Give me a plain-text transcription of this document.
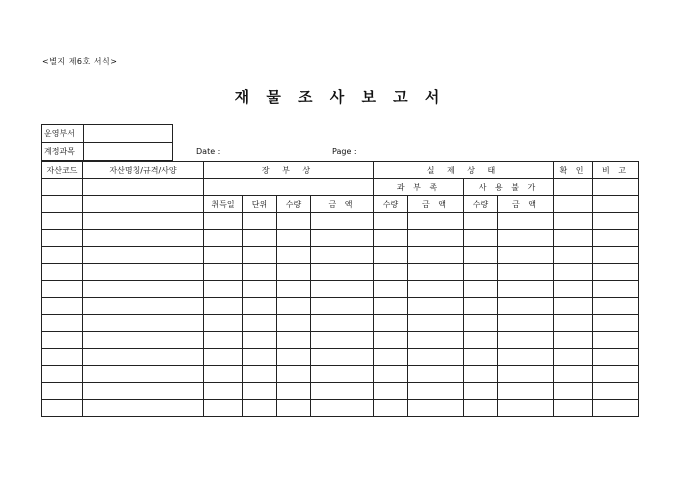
<별지 제6호 서식>
재 물 조 사 보 고 서
운영부서	
계정과목		Date :	Page :
자산코드	자산명칭/규격/사양	장 부 상				실 제 상 태				확 인	비 고
						과 부 족		사 용 불 가			
		취득일	단위	수량	금 액	수량	금 액	수량	금 액		
